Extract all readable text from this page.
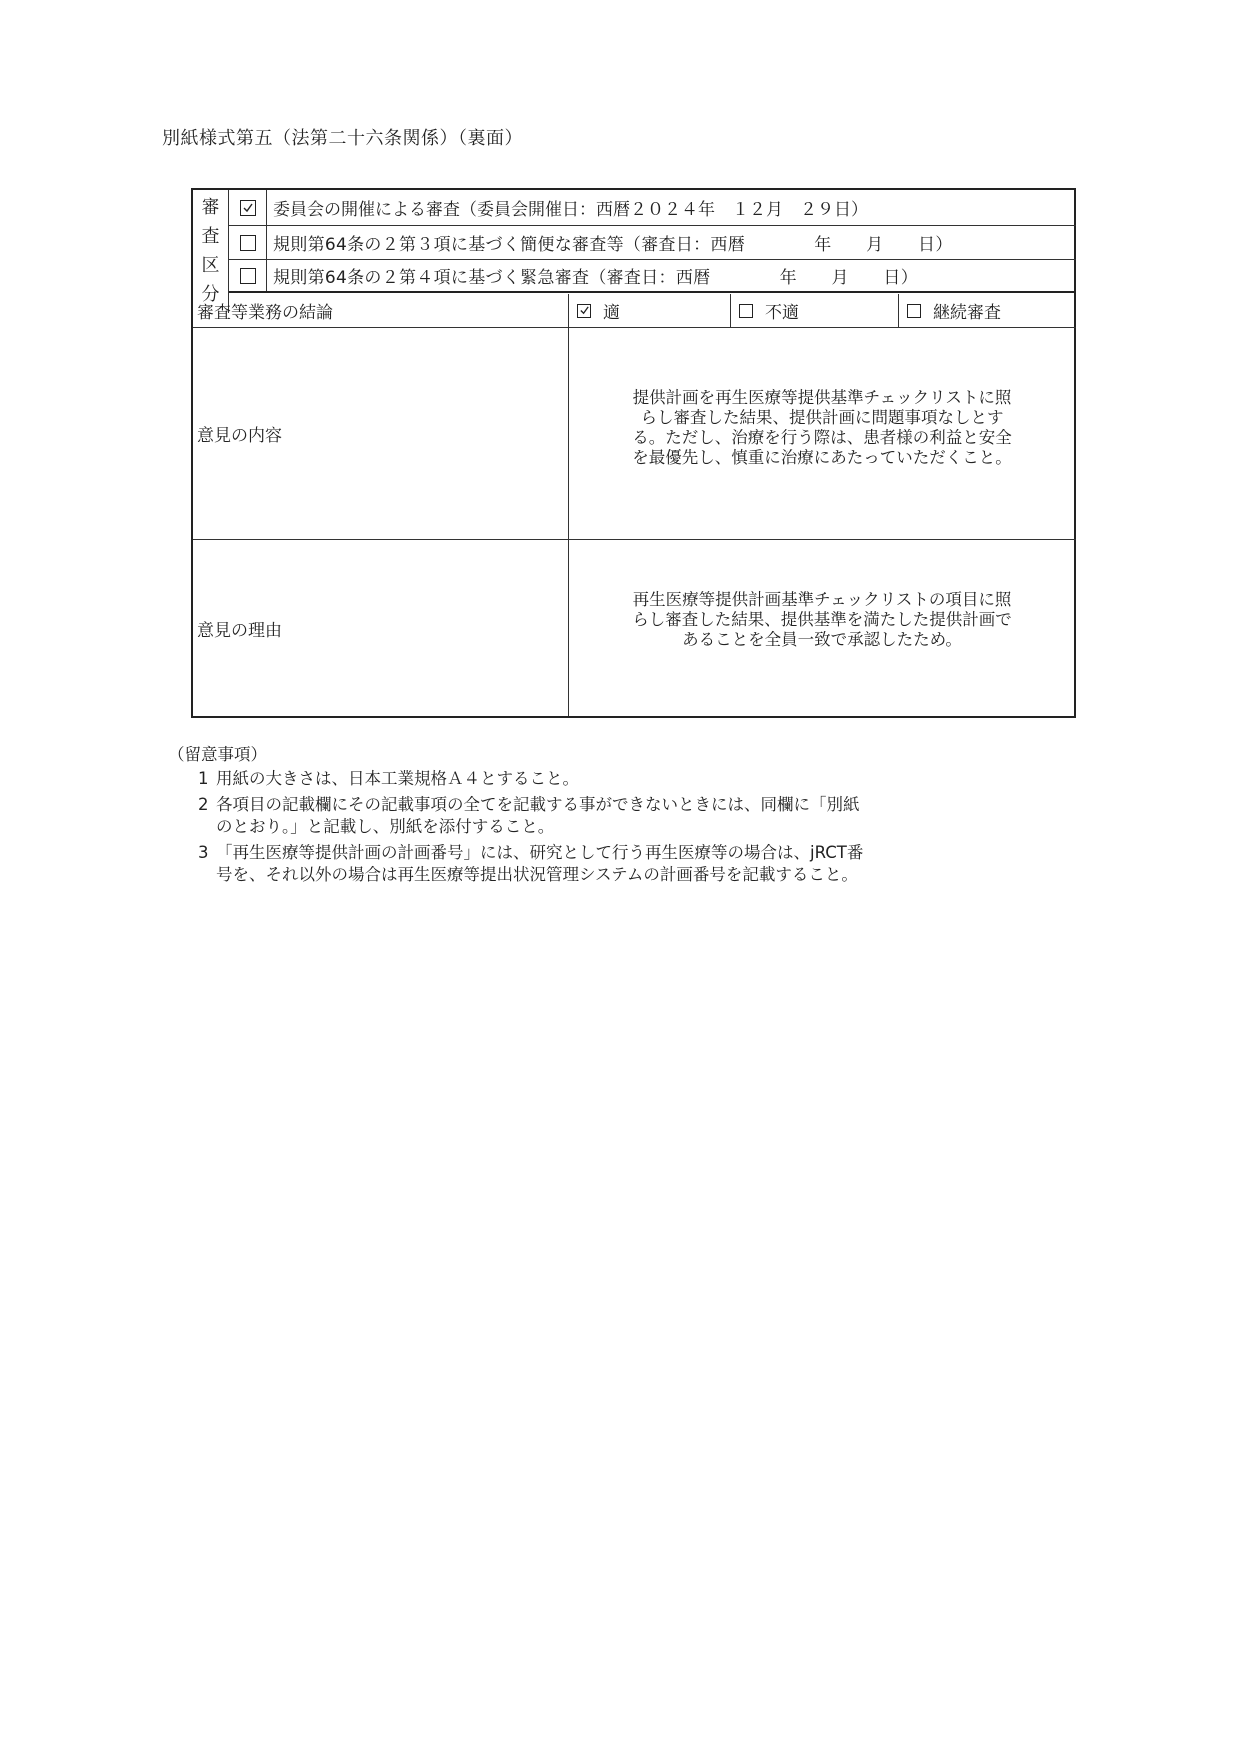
別紙様式第五（法第二十六条関係）（裏面）
審
査
区
分
委員会の開催による審査（委員会開催日：西暦２０２４年　１２月　２９日）
規則第64条の２第３項に基づく簡便な審査等（審査日：西暦　　　　年　　月　　日）
規則第64条の２第４項に基づく緊急審査（審査日：西暦　　　　年　　月　　日）
審査等業務の結論	適	不適	継続審査
意見の内容
提供計画を再生医療等提供基準チェックリストに照
らし審査した結果、提供計画に問題事項なしとす
る。ただし、治療を行う際は、患者様の利益と安全
を最優先し、慎重に治療にあたっていただくこと。
意見の理由
再生医療等提供計画基準チェックリストの項目に照
らし審査した結果、提供基準を満たした提供計画で
あることを全員一致で承認したため。
（留意事項）
1 用紙の大きさは、日本工業規格Ａ４とすること。
2 各項目の記載欄にその記載事項の全てを記載する事ができないときには、同欄に「別紙
のとおり。」と記載し、別紙を添付すること。
3 「再生医療等提供計画の計画番号」には、研究として行う再生医療等の場合は、jRCT番
号を、それ以外の場合は再生医療等提出状況管理システムの計画番号を記載すること。
